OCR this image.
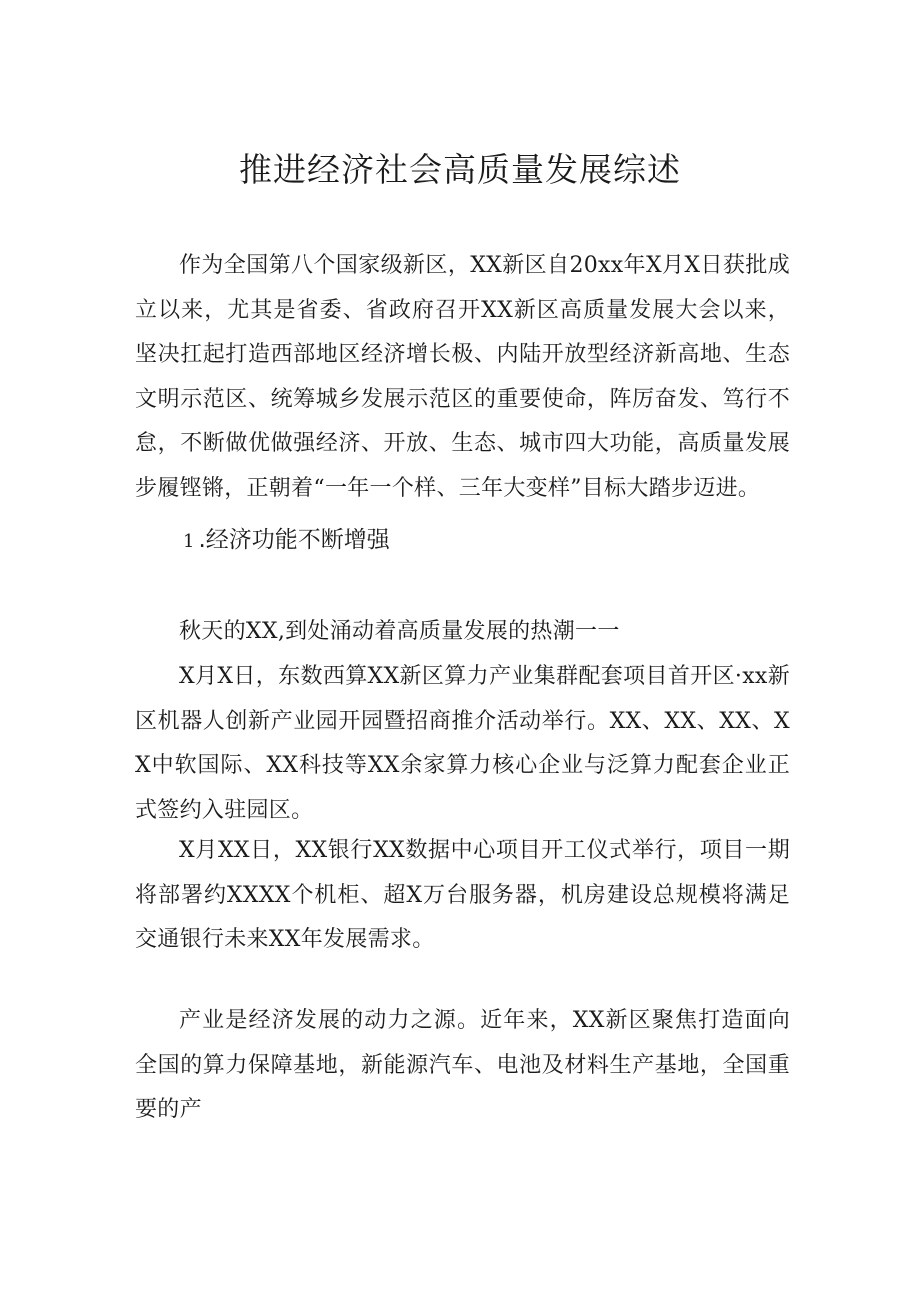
推进经济社会高质量发展综述

作为全国第八个国家级新区，XX新区自20xx年X月X日获批成立以来，尤其是省委、省政府召开XX新区高质量发展大会以来，坚决扛起打造西部地区经济增长极、内陆开放型经济新高地、生态文明示范区、统筹城乡发展示范区的重要使命，阵厉奋发、笃行不怠，不断做优做强经济、开放、生态、城市四大功能，高质量发展步履铿锵，正朝着“一年一个样、三年大变样”目标大踏步迈进。

1 .经济功能不断增强

秋天的XX,到处涌动着高质量发展的热潮一一

X月X日，东数西算XX新区算力产业集群配套项目首开区·xx新区机器人创新产业园开园暨招商推介活动举行。XX、XX、XX、XX中软国际、XX科技等XX余家算力核心企业与泛算力配套企业正式签约入驻园区。

X月XX日，XX银行XX数据中心项目开工仪式举行，项目一期将部署约XXXX个机柜、超X万台服务器，机房建设总规模将满足交通银行未来XX年发展需求。

产业是经济发展的动力之源。近年来，XX新区聚焦打造面向全国的算力保障基地，新能源汽车、电池及材料生产基地，全国重要的产
